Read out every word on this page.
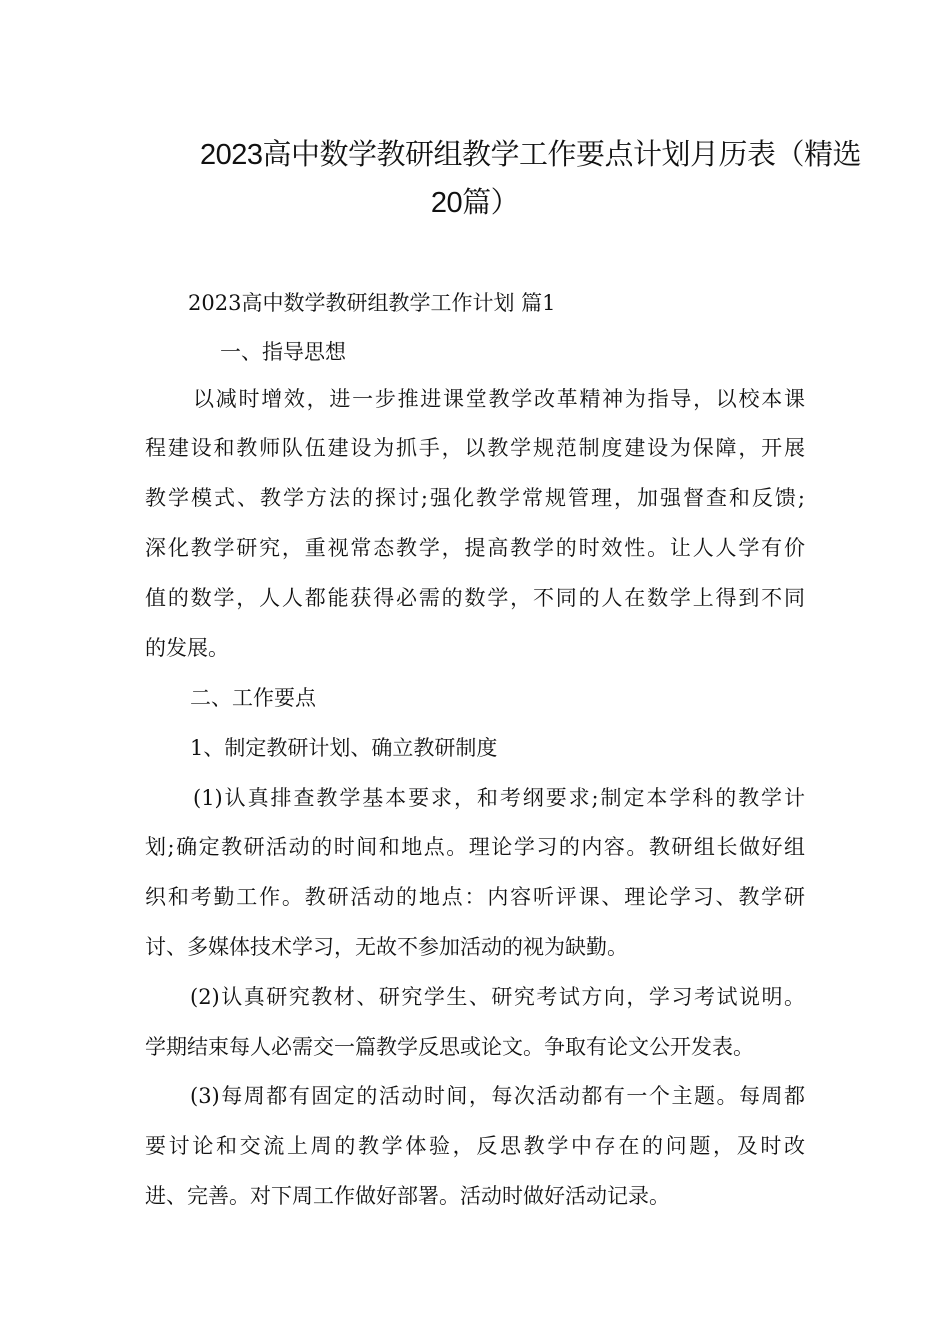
2023高中数学教研组教学工作要点计划月历表（精选
20篇）

2023高中数学教研组教学工作计划 篇1

一、指导思想

以减时增效，进一步推进课堂教学改革精神为指导，以校本课

程建设和教师队伍建设为抓手，以教学规范制度建设为保障，开展

教学模式、教学方法的探讨;强化教学常规管理，加强督查和反馈;

深化教学研究，重视常态教学，提高教学的时效性。让人人学有价

值的数学，人人都能获得必需的数学，不同的人在数学上得到不同

的发展。

二、工作要点

1、制定教研计划、确立教研制度

(1)认真排查教学基本要求，和考纲要求;制定本学科的教学计

划;确定教研活动的时间和地点。理论学习的内容。教研组长做好组

织和考勤工作。教研活动的地点：内容听评课、理论学习、教学研

讨、多媒体技术学习，无故不参加活动的视为缺勤。

(2)认真研究教材、研究学生、研究考试方向，学习考试说明。

学期结束每人必需交一篇教学反思或论文。争取有论文公开发表。

(3)每周都有固定的活动时间，每次活动都有一个主题。每周都

要讨论和交流上周的教学体验，反思教学中存在的问题，及时改

进、完善。对下周工作做好部署。活动时做好活动记录。
